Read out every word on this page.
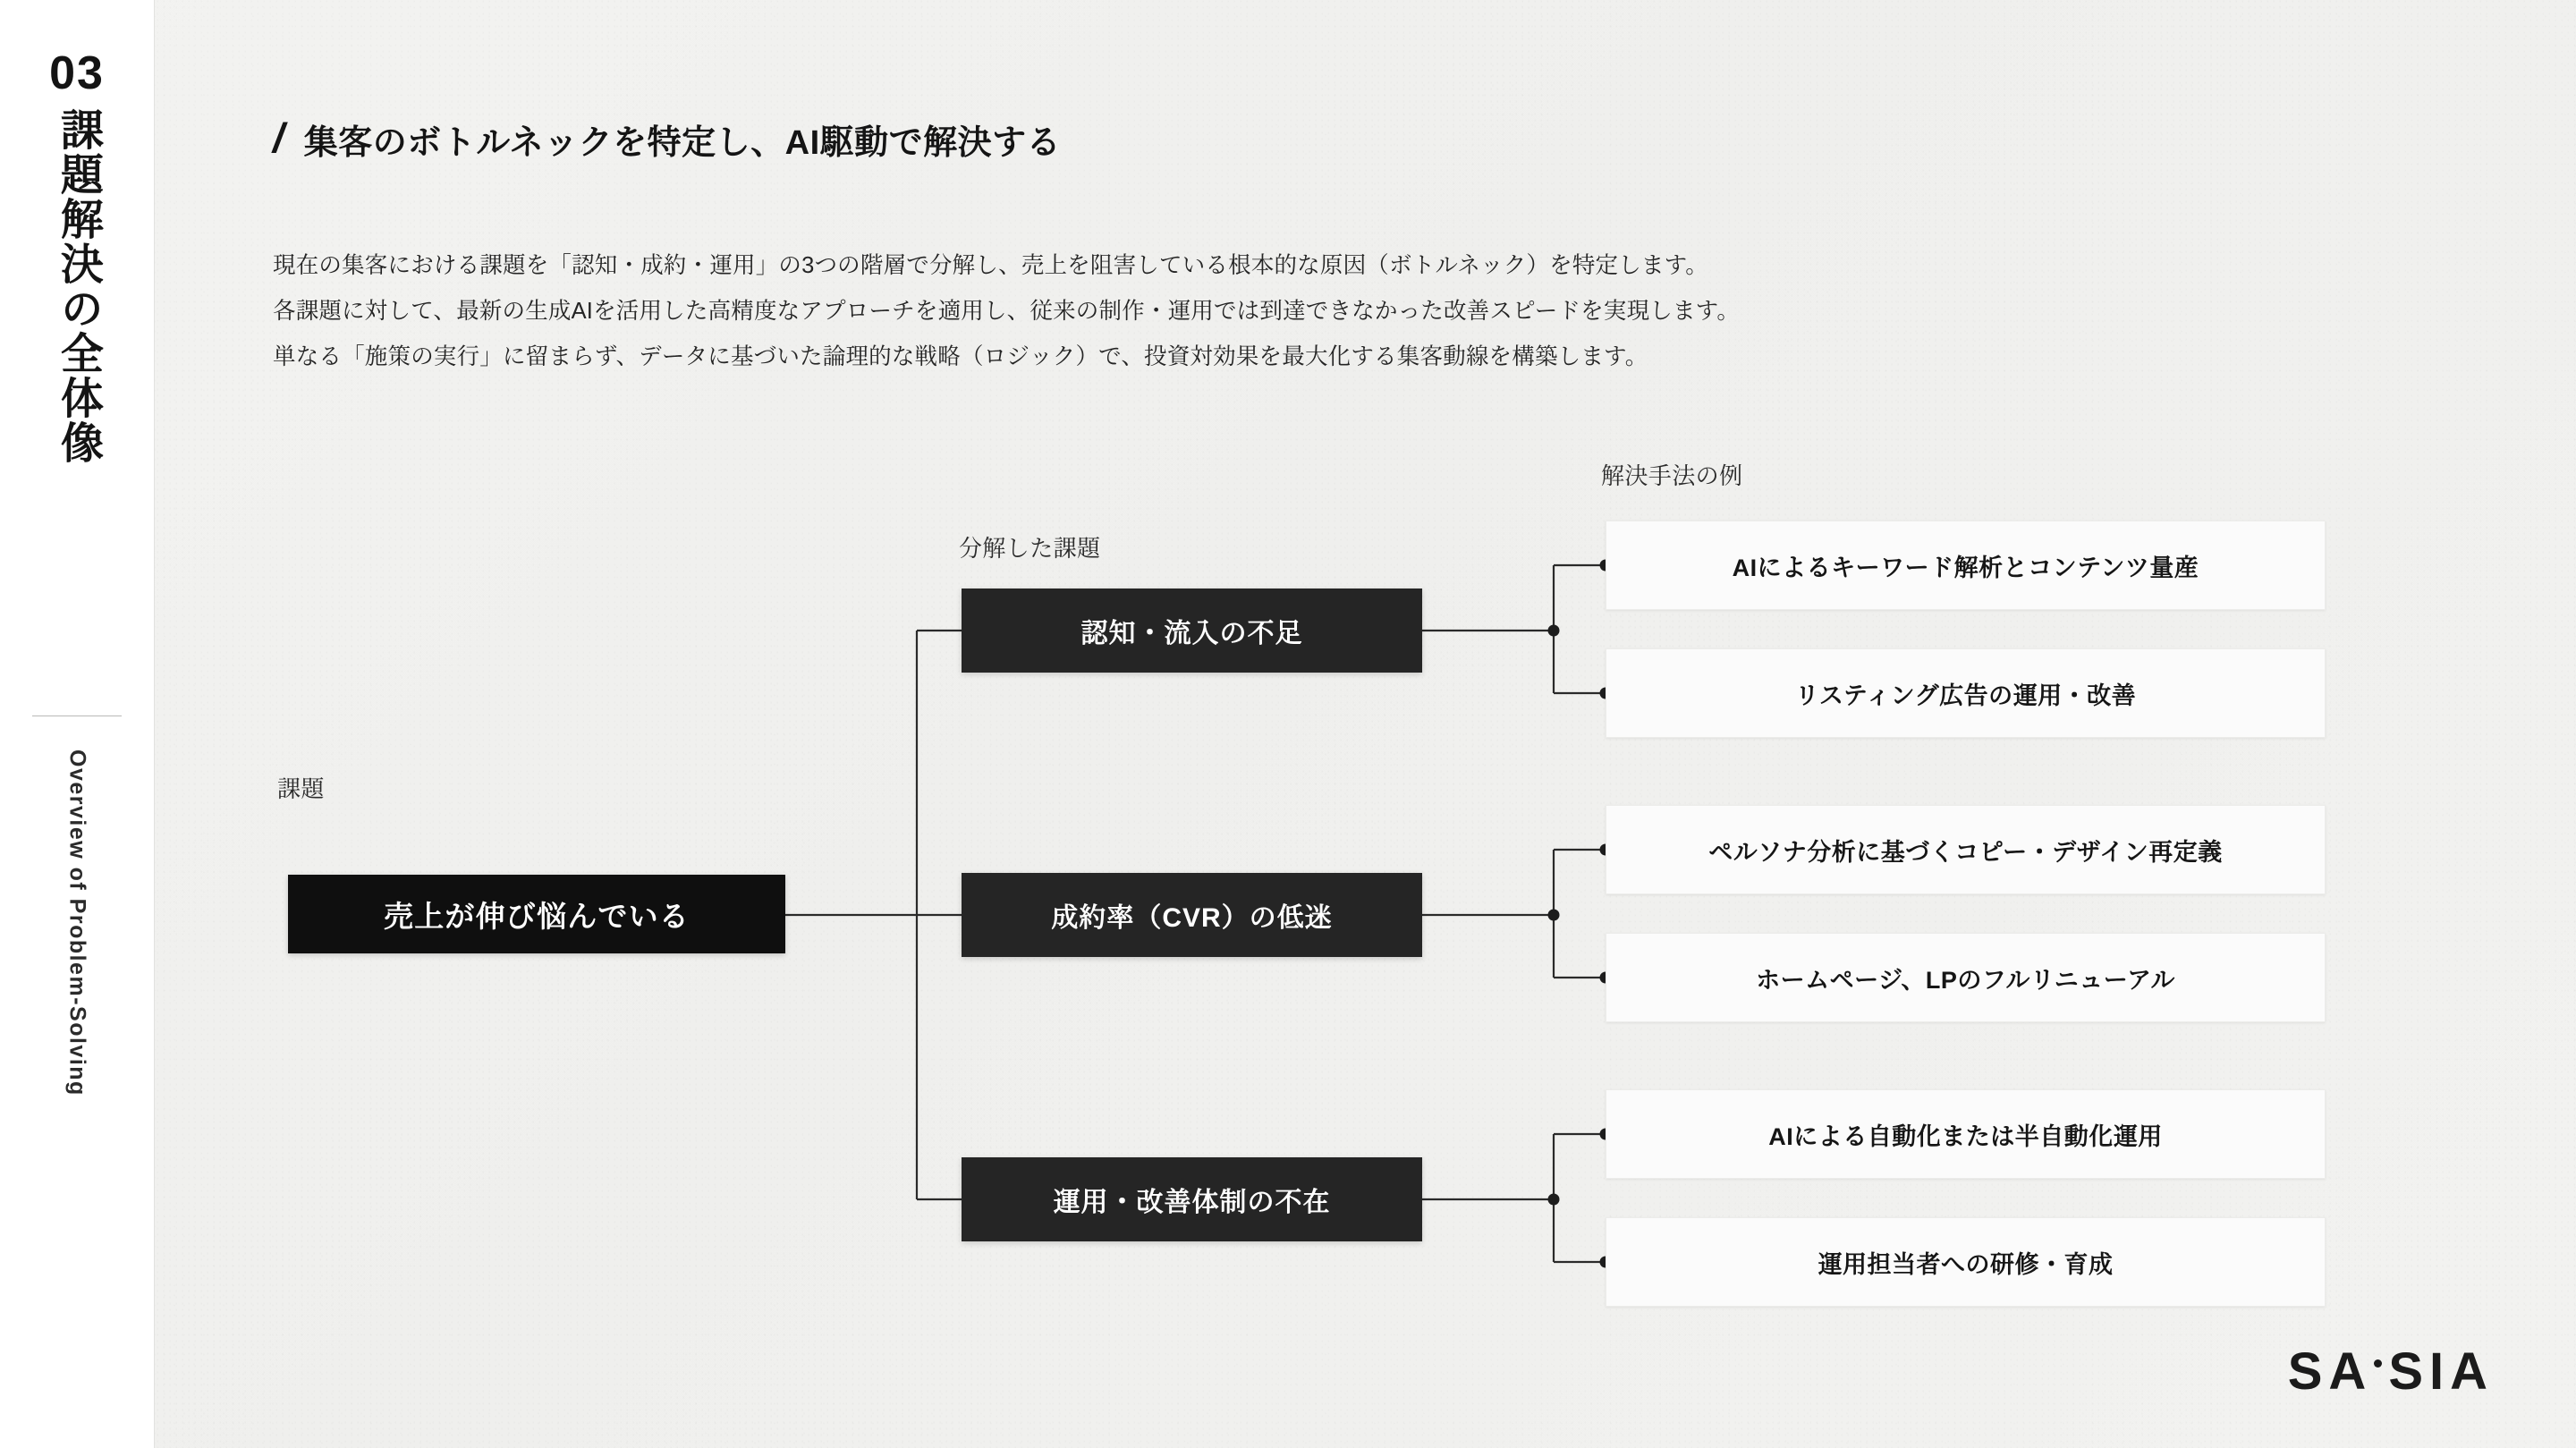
03
課題解決の全体像
Overview of Problem-Solving
/ 集客のボトルネックを特定し、AI駆動で解決する
現在の集客における課題を「認知・成約・運用」の3つの階層で分解し、売上を阻害している根本的な原因（ボトルネック）を特定します。
各課題に対して、最新の生成AIを活用した高精度なアプローチを適用し、従来の制作・運用では到達できなかった改善スピードを実現します。
単なる「施策の実行」に留まらず、データに基づいた論理的な戦略（ロジック）で、投資対効果を最大化する集客動線を構築します。
課題
分解した課題
解決手法の例
売上が伸び悩んでいる
認知・流入の不足
成約率（CVR）の低迷
運用・改善体制の不在
AIによるキーワード解析とコンテンツ量産
リスティング広告の運用・改善
ペルソナ分析に基づくコピー・デザイン再定義
ホームページ、LPのフルリニューアル
AIによる自動化または半自動化運用
運用担当者への研修・育成
SA SIA
